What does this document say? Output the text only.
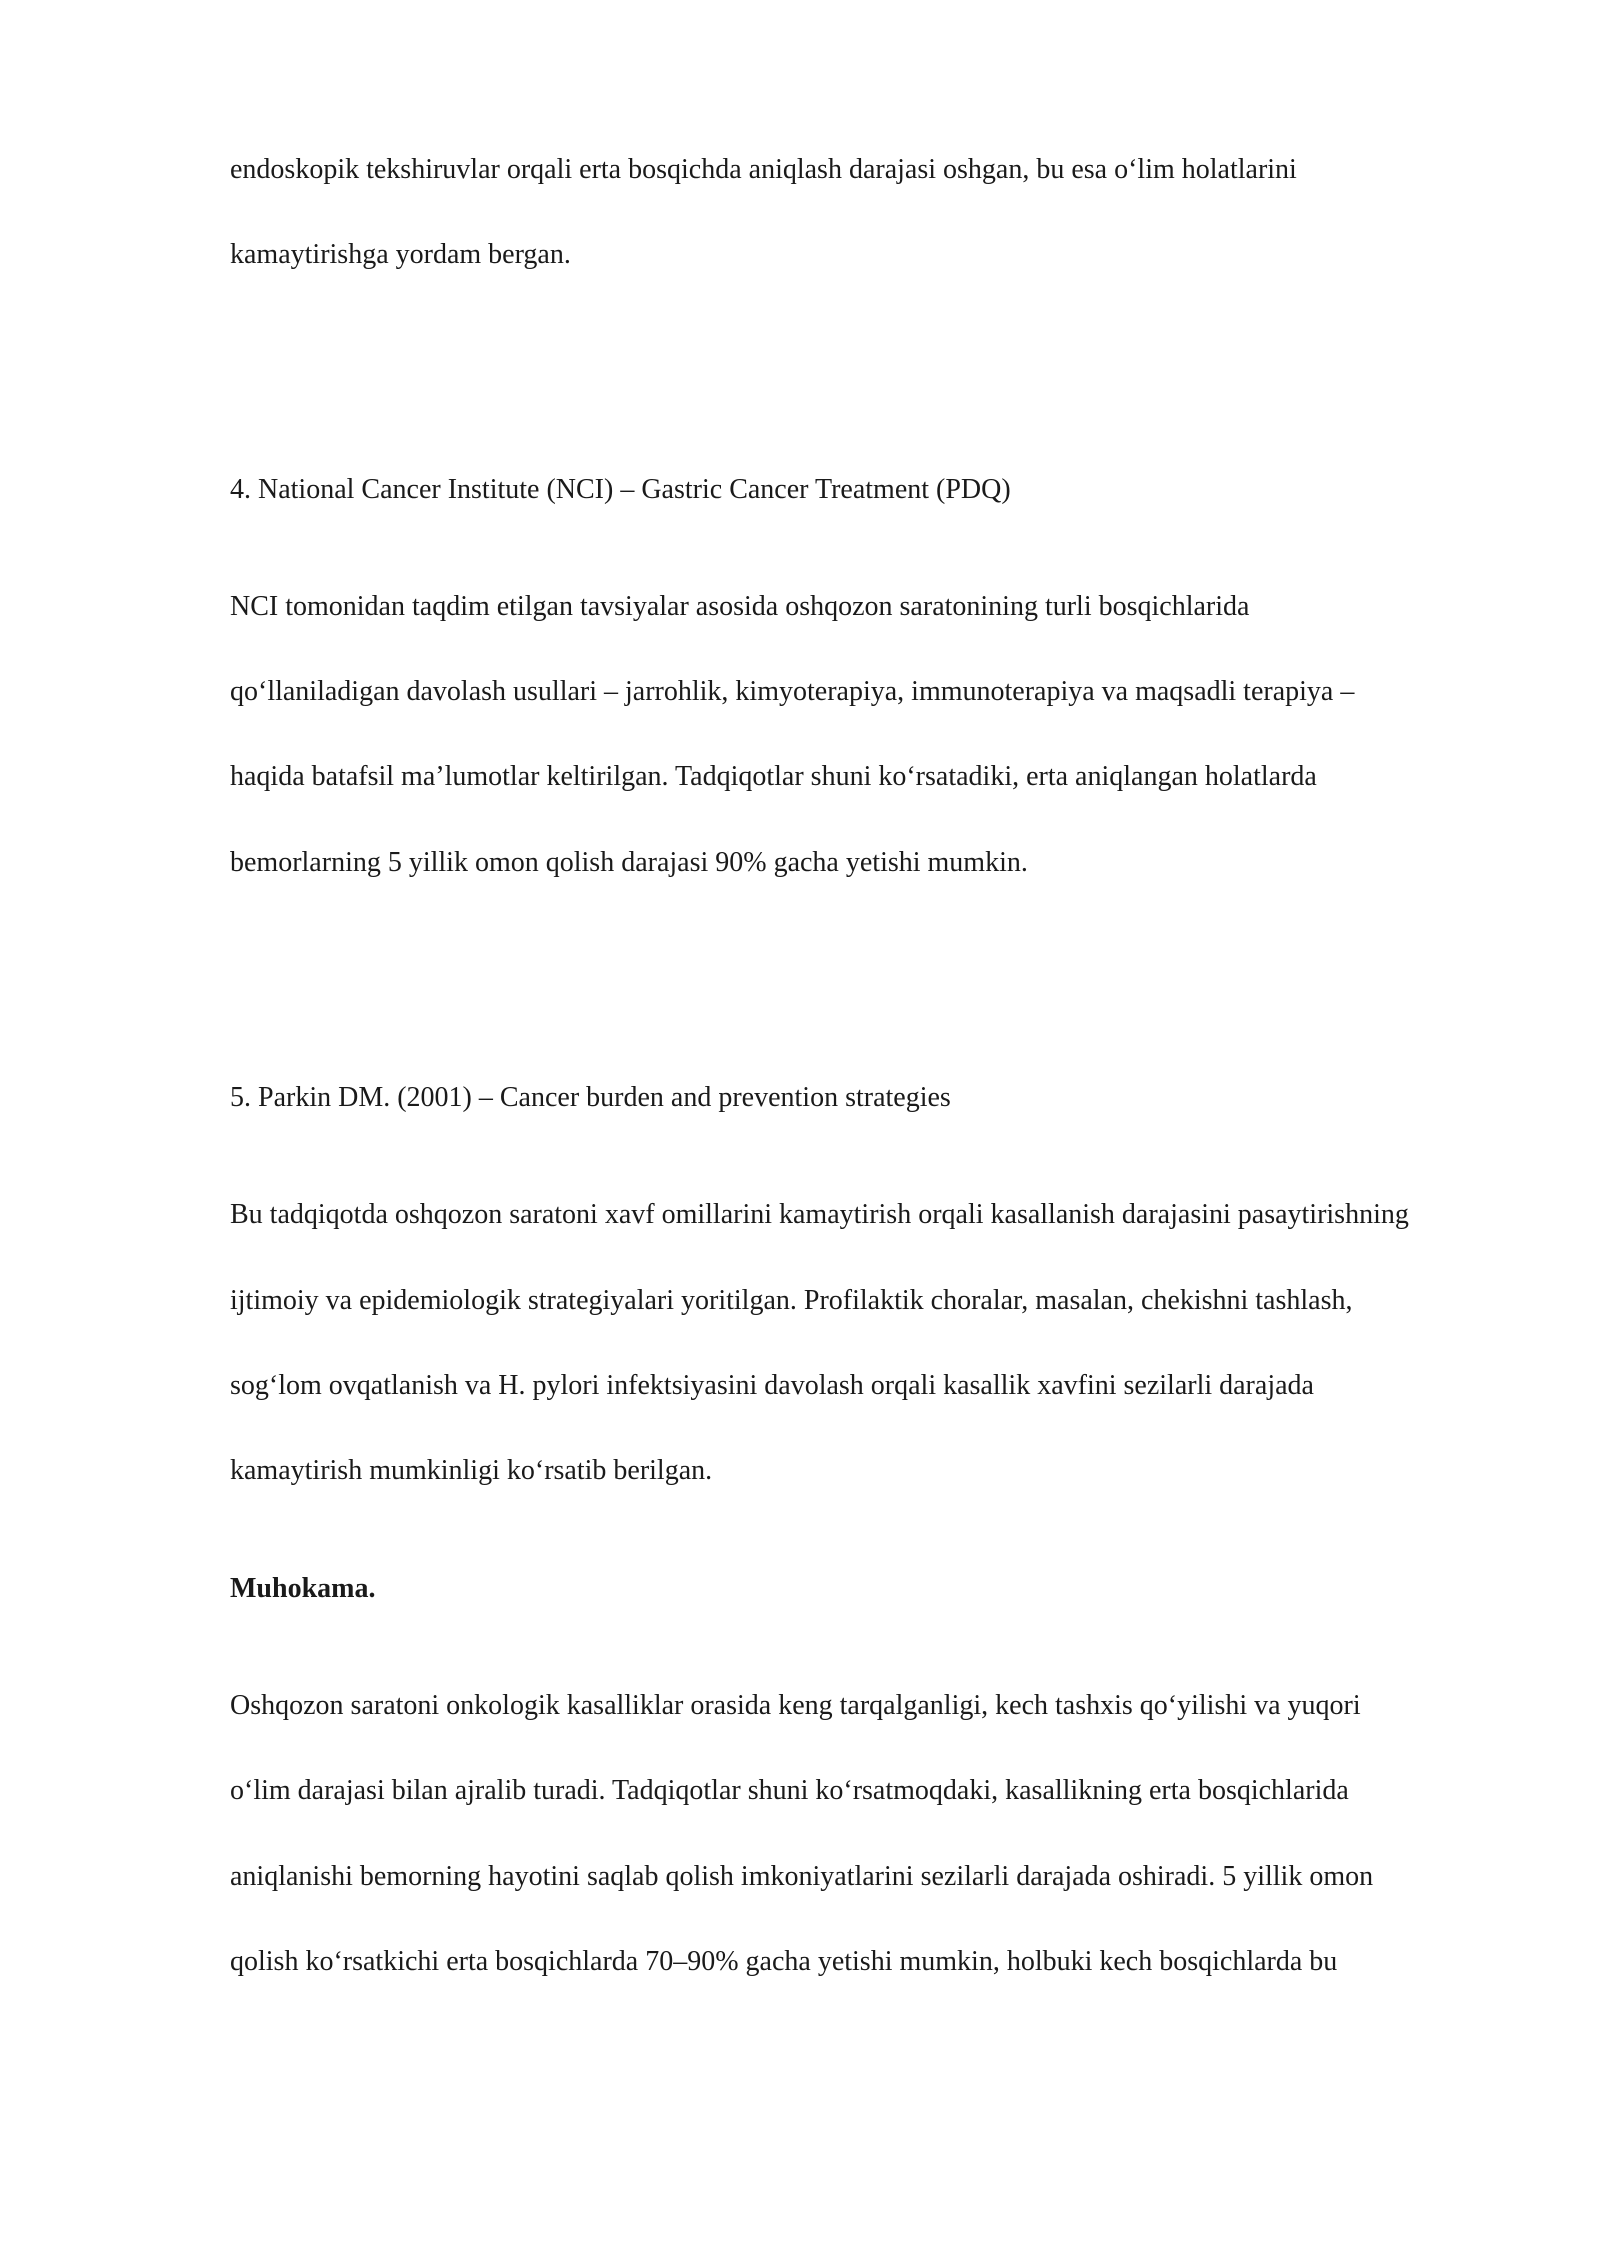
endoskopik tekshiruvlar orqali erta bosqichda aniqlash darajasi oshgan, bu esa o‘lim holatlarini
kamaytirishga yordam bergan.
4. National Cancer Institute (NCI) – Gastric Cancer Treatment (PDQ)
NCI tomonidan taqdim etilgan tavsiyalar asosida oshqozon saratonining turli bosqichlarida
qo‘llaniladigan davolash usullari – jarrohlik, kimyoterapiya, immunoterapiya va maqsadli terapiya –
haqida batafsil ma’lumotlar keltirilgan. Tadqiqotlar shuni ko‘rsatadiki, erta aniqlangan holatlarda
bemorlarning 5 yillik omon qolish darajasi 90% gacha yetishi mumkin.
5. Parkin DM. (2001) – Cancer burden and prevention strategies
Bu tadqiqotda oshqozon saratoni xavf omillarini kamaytirish orqali kasallanish darajasini pasaytirishning
ijtimoiy va epidemiologik strategiyalari yoritilgan. Profilaktik choralar, masalan, chekishni tashlash,
sog‘lom ovqatlanish va H. pylori infektsiyasini davolash orqali kasallik xavfini sezilarli darajada
kamaytirish mumkinligi ko‘rsatib berilgan.
Muhokama.
Oshqozon saratoni onkologik kasalliklar orasida keng tarqalganligi, kech tashxis qo‘yilishi va yuqori
o‘lim darajasi bilan ajralib turadi. Tadqiqotlar shuni ko‘rsatmoqdaki, kasallikning erta bosqichlarida
aniqlanishi bemorning hayotini saqlab qolish imkoniyatlarini sezilarli darajada oshiradi. 5 yillik omon
qolish ko‘rsatkichi erta bosqichlarda 70–90% gacha yetishi mumkin, holbuki kech bosqichlarda bu
